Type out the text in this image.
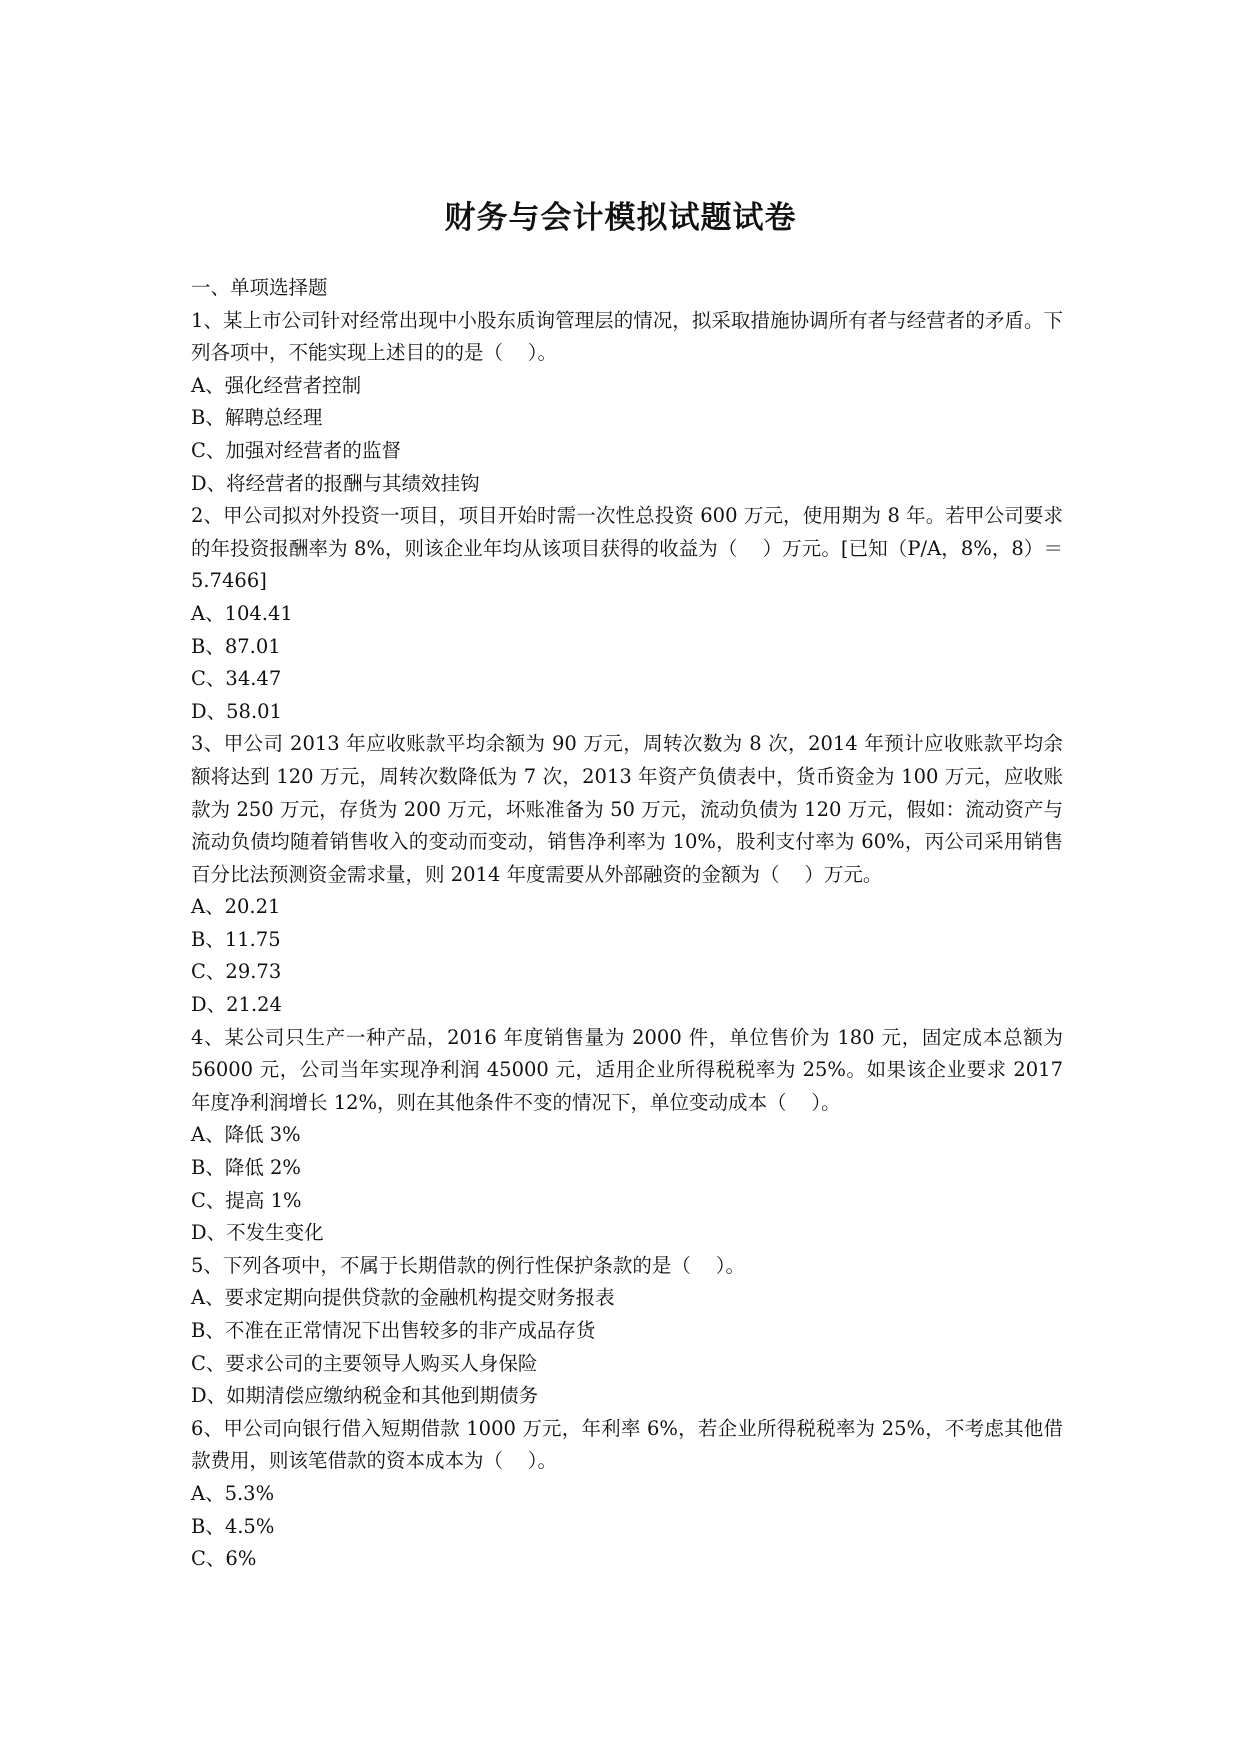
财务与会计模拟试题试卷

一、单项选择题

1、某上市公司针对经常出现中小股东质询管理层的情况，拟采取措施协调所有者与经营者的矛盾。下列各项中，不能实现上述目的的是（    ）。

A、强化经营者控制

B、解聘总经理

C、加强对经营者的监督

D、将经营者的报酬与其绩效挂钩

2、甲公司拟对外投资一项目，项目开始时需一次性总投资 600 万元，使用期为 8 年。若甲公司要求的年投资报酬率为 8%，则该企业年均从该项目获得的收益为（    ）万元。[已知（P/A，8%，8）＝5.7466]

A、104.41

B、87.01

C、34.47

D、58.01

3、甲公司 2013 年应收账款平均余额为 90 万元，周转次数为 8 次，2014 年预计应收账款平均余额将达到 120 万元，周转次数降低为 7 次，2013 年资产负债表中，货币资金为 100 万元，应收账款为 250 万元，存货为 200 万元，坏账准备为 50 万元，流动负债为 120 万元，假如：流动资产与流动负债均随着销售收入的变动而变动，销售净利率为 10%，股利支付率为 60%，丙公司采用销售百分比法预测资金需求量，则 2014 年度需要从外部融资的金额为（    ）万元。

A、20.21

B、11.75

C、29.73

D、21.24

4、某公司只生产一种产品，2016 年度销售量为 2000 件，单位售价为 180 元，固定成本总额为 56000 元，公司当年实现净利润 45000 元，适用企业所得税税率为 25%。如果该企业要求 2017 年度净利润增长 12%，则在其他条件不变的情况下，单位变动成本（    ）。

A、降低 3%

B、降低 2%

C、提高 1%

D、不发生变化

5、下列各项中，不属于长期借款的例行性保护条款的是（    ）。

A、要求定期向提供贷款的金融机构提交财务报表

B、不准在正常情况下出售较多的非产成品存货

C、要求公司的主要领导人购买人身保险

D、如期清偿应缴纳税金和其他到期债务

6、甲公司向银行借入短期借款 1000 万元，年利率 6%，若企业所得税税率为 25%，不考虑其他借款费用，则该笔借款的资本成本为（    ）。

A、5.3%

B、4.5%

C、6%
